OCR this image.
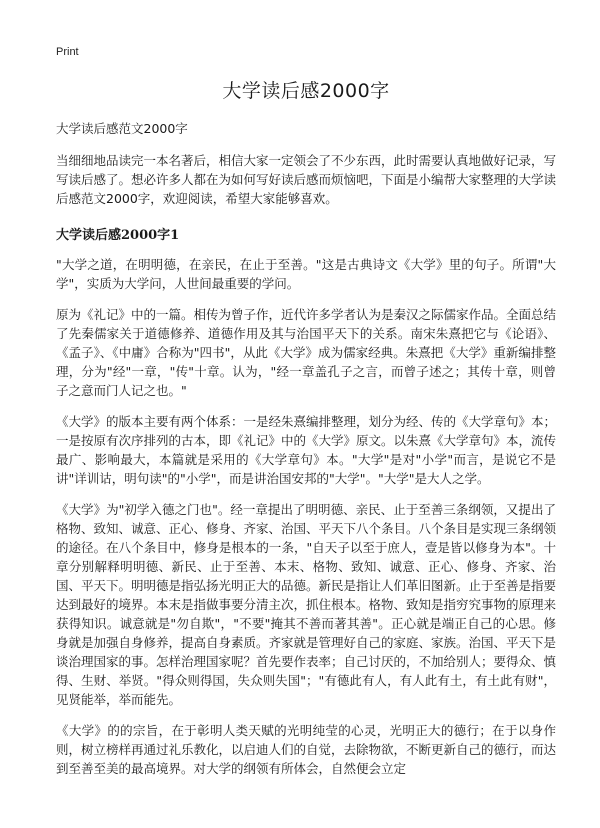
Print
大学读后感2000字
大学读后感范文2000字

当细细地品读完一本名著后，相信大家一定领会了不少东西，此时需要认真地做好记录，写写读后感了。想必许多人都在为如何写好读后感而烦恼吧，下面是小编帮大家整理的大学读后感范文2000字，欢迎阅读，希望大家能够喜欢。

大学读后感2000字1

"大学之道，在明明德，在亲民，在止于至善。"这是古典诗文《大学》里的句子。所谓"大学"，实质为大学问，人世间最重要的学问。

原为《礼记》中的一篇。相传为曾子作，近代许多学者认为是秦汉之际儒家作品。全面总结了先秦儒家关于道德修养、道德作用及其与治国平天下的关系。南宋朱熹把它与《论语》、《孟子》、《中庸》合称为"四书"，从此《大学》成为儒家经典。朱熹把《大学》重新编排整理，分为"经"一章，"传"十章。认为，"经一章盖孔子之言，而曾子述之；其传十章，则曾子之意而门人记之也。"

《大学》的版本主要有两个体系：一是经朱熹编排整理，划分为经、传的《大学章句》本；一是按原有次序排列的古本，即《礼记》中的《大学》原文。以朱熹《大学章句》本，流传最广、影响最大，本篇就是采用的《大学章句》本。"大学"是对"小学"而言，是说它不是讲"详训诂，明句读"的"小学"，而是讲治国安邦的"大学"。"大学"是大人之学。

《大学》为"初学入德之门也"。经一章提出了明明德、亲民、止于至善三条纲领，又提出了格物、致知、诚意、正心、修身、齐家、治国、平天下八个条目。八个条目是实现三条纲领的途径。在八个条目中，修身是根本的一条，"自天子以至于庶人，壹是皆以修身为本"。十章分别解释明明德、新民、止于至善、本末、格物、致知、诚意、正心、修身、齐家、治国、平天下。明明德是指弘扬光明正大的品德。新民是指让人们革旧图新。止于至善是指要达到最好的境界。本末是指做事要分清主次，抓住根本。格物、致知是指穷究事物的原理来获得知识。诚意就是"勿自欺"，"不要"掩其不善而著其善"。正心就是端正自己的心思。修身就是加强自身修养，提高自身素质。齐家就是管理好自己的家庭、家族。治国、平天下是谈治理国家的事。怎样治理国家呢？首先要作表率；自己讨厌的，不加给别人；要得众、慎得、生财、举贤。"得众则得国，失众则失国"；"有德此有人，有人此有土，有土此有财"，见贤能举，举而能先。

《大学》的的宗旨，在于彰明人类天赋的光明纯莹的心灵，光明正大的德行；在于以身作则，树立榜样再通过礼乐教化，以启迪人们的自觉，去除物欲，不断更新自己的德行，而达到至善至美的最高境界。对大学的纲领有所体会，自然便会立定
